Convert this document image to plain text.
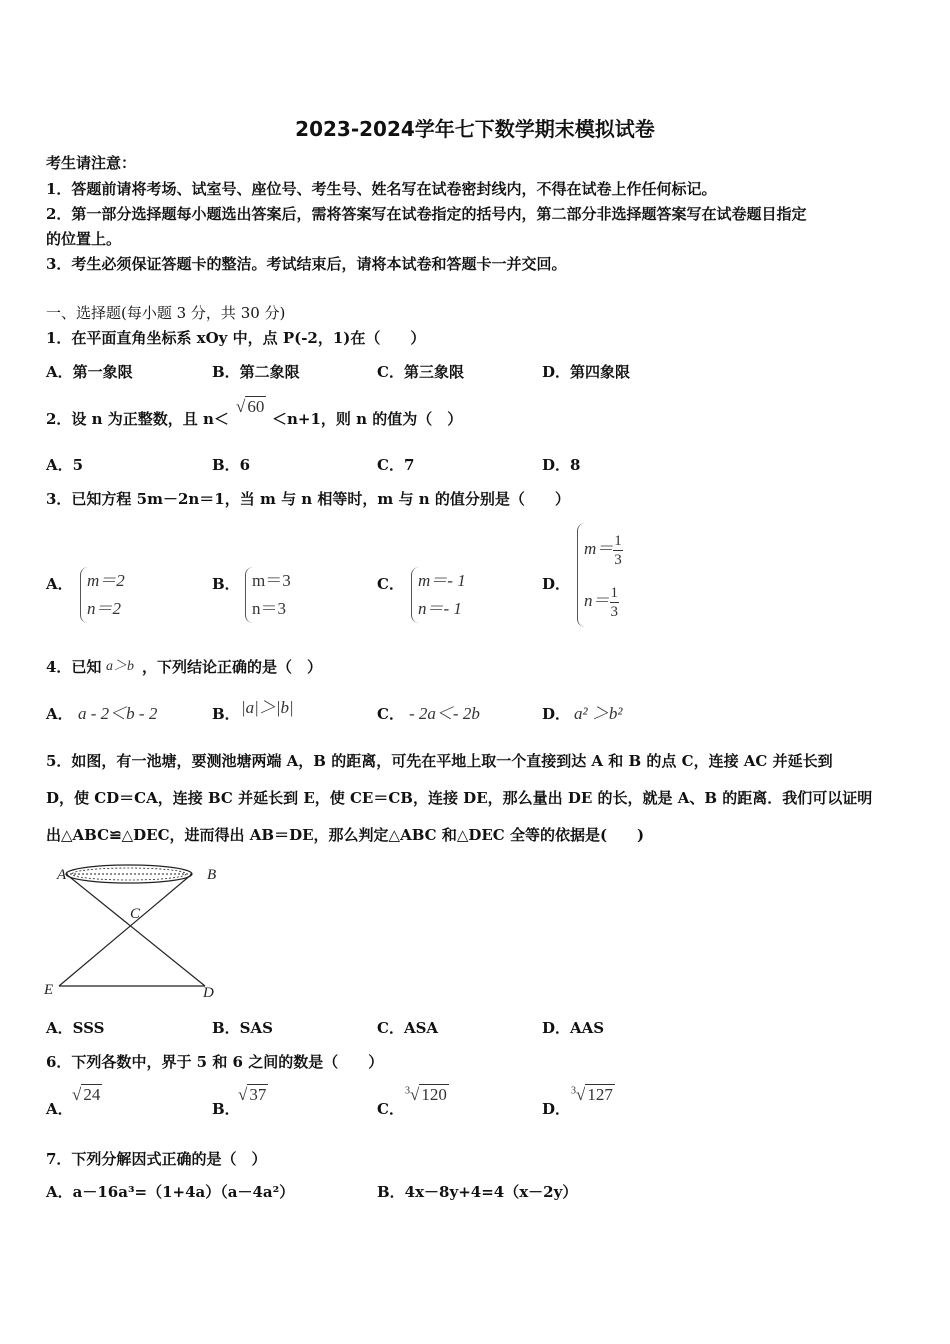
2023-2024学年七下数学期末模拟试卷
考生请注意：
1．答题前请将考场、试室号、座位号、考生号、姓名写在试卷密封线内，不得在试卷上作任何标记。
2．第一部分选择题每小题选出答案后，需将答案写在试卷指定的括号内，第二部分非选择题答案写在试卷题目指定
的位置上。
3．考生必须保证答题卡的整洁。考试结束后，请将本试卷和答题卡一并交回。
一、选择题(每小题 3 分，共 30 分)
1．在平面直角坐标系 xOy 中，点 P(-2，1)在（　　）
A．第一象限	B．第二象限	C．第三象限	D．第四象限
2．设 n 为正整数，且 n＜
√ 60
＜n+1，则 n 的值为（　）
A．5	B．6	C．7	D．8
3．已知方程 5m－2n＝1，当 m 与 n 相等时，m 与 n 的值分别是（　　）
A． m＝2
n＝2
B． m＝3
n＝3
C． m＝- 1
n＝- 1
D．
$m= \frac{1}{3}$
$n= \frac{1}{3}$
4．已知 a＞b ，下列结论正确的是（　）
A． a - 2＜b - 2	B． |a|＞|b|	C． - 2a＜- 2b	D． a² ＞b²
5．如图，有一池塘，要测池塘两端 A，B 的距离，可先在平地上取一个直接到达 A 和 B 的点 C，连接 AC 并延长到
D，使 CD＝CA，连接 BC 并延长到 E，使 CE＝CB，连接 DE，那么量出 DE 的长，就是 A、B 的距离．我们可以证明
出△ABC≌△DEC，进而得出 AB＝DE，那么判定△ABC 和△DEC 全等的依据是(　　)
A	B
C
E	D
A．SSS	B．SAS	C．ASA	D．AAS
6．下列各数中，界于 5 和 6 之间的数是（　　）
A．
√ 24
B．
√ 37
C．
$^3$√ 120
D．
$^3$√ 127
7．下列分解因式正确的是（　）
A．a－16a³=（1+4a）（a－4a²）	B．4x－8y+4=4（x－2y）
